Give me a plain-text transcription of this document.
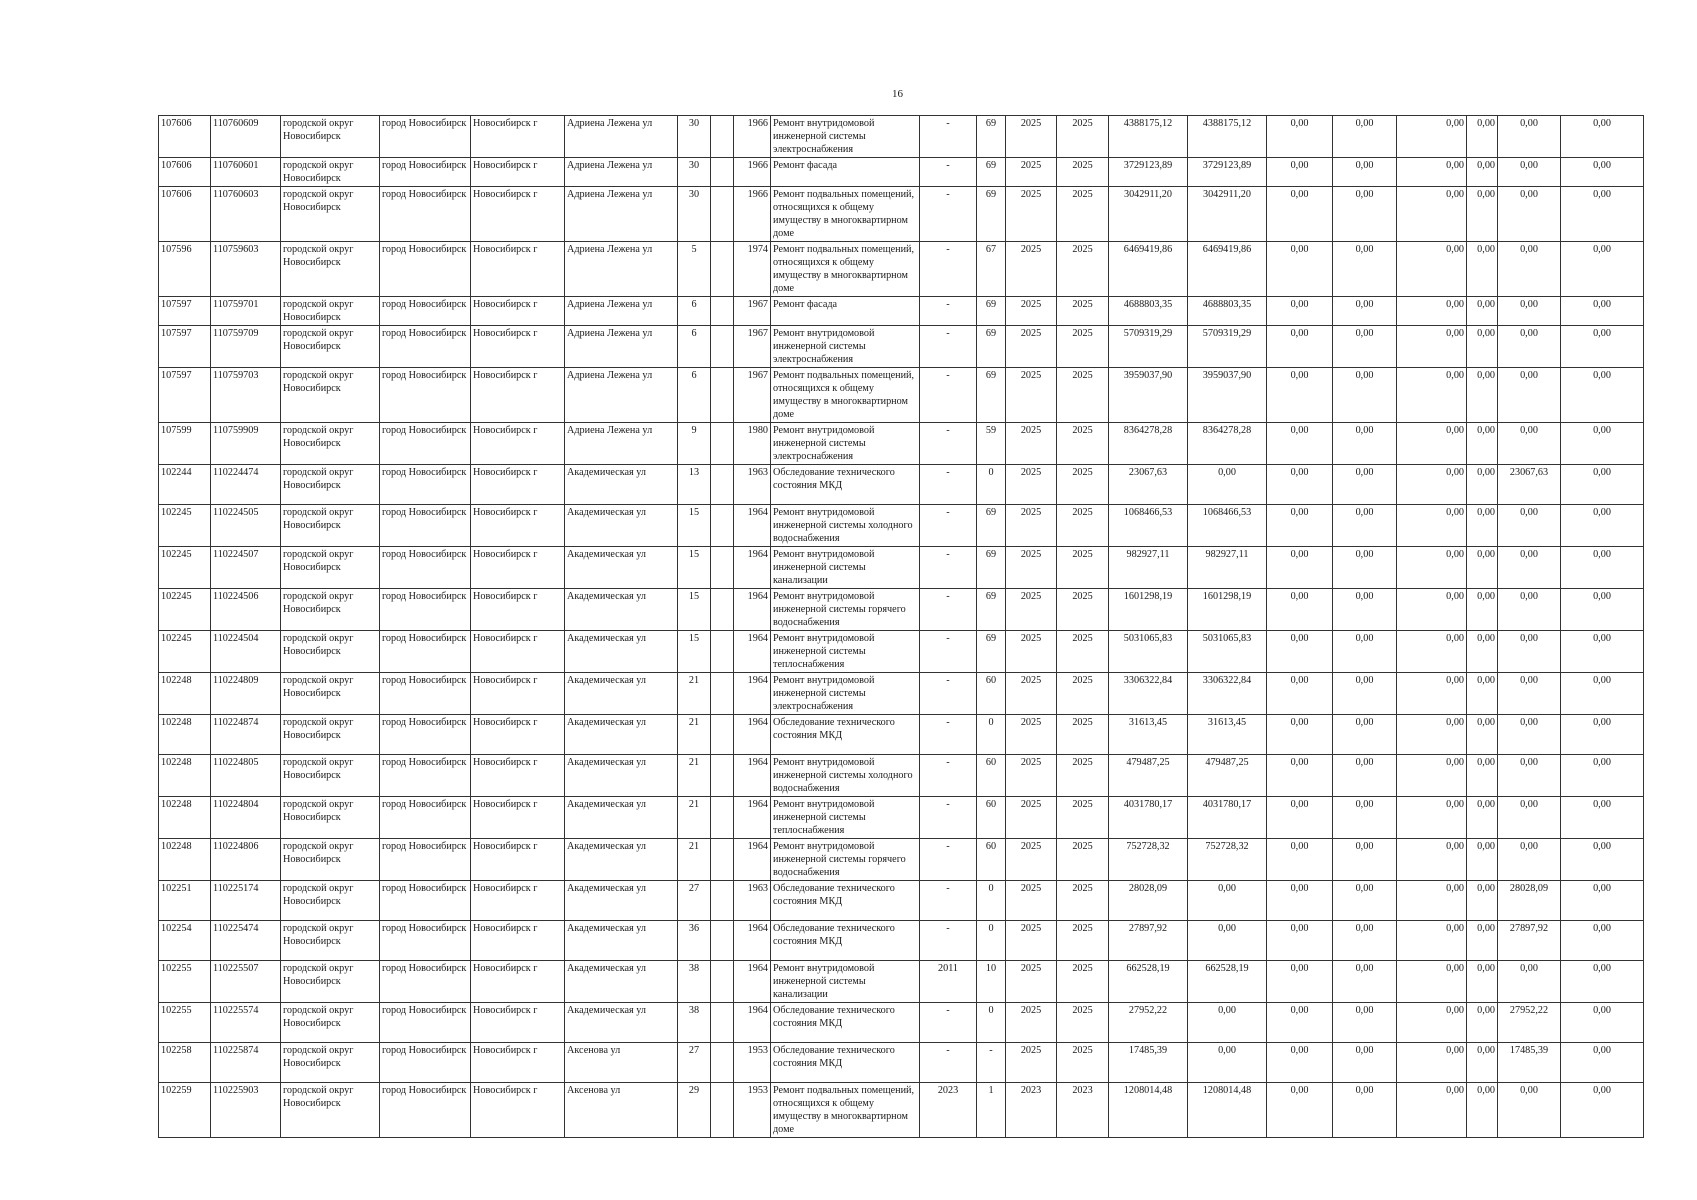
16
107606	110760609	городской округ Новосибирск	город Новосибирск	Новосибирск г	Адриена Лежена ул	30		1966	Ремонт внутридомовой инженерной системы электроснабжения	-	69	2025	2025	4388175,12	4388175,12	0,00	0,00	0,00	0,00	0,00	0,00
107606	110760601	городской округ Новосибирск	город Новосибирск	Новосибирск г	Адриена Лежена ул	30		1966	Ремонт фасада	-	69	2025	2025	3729123,89	3729123,89	0,00	0,00	0,00	0,00	0,00	0,00
107606	110760603	городской округ Новосибирск	город Новосибирск	Новосибирск г	Адриена Лежена ул	30		1966	Ремонт подвальных помещений, относящихся к общему имуществу в многоквартирном доме	-	69	2025	2025	3042911,20	3042911,20	0,00	0,00	0,00	0,00	0,00	0,00
107596	110759603	городской округ Новосибирск	город Новосибирск	Новосибирск г	Адриена Лежена ул	5		1974	Ремонт подвальных помещений, относящихся к общему имуществу в многоквартирном доме	-	67	2025	2025	6469419,86	6469419,86	0,00	0,00	0,00	0,00	0,00	0,00
107597	110759701	городской округ Новосибирск	город Новосибирск	Новосибирск г	Адриена Лежена ул	6		1967	Ремонт фасада	-	69	2025	2025	4688803,35	4688803,35	0,00	0,00	0,00	0,00	0,00	0,00
107597	110759709	городской округ Новосибирск	город Новосибирск	Новосибирск г	Адриена Лежена ул	6		1967	Ремонт внутридомовой инженерной системы электроснабжения	-	69	2025	2025	5709319,29	5709319,29	0,00	0,00	0,00	0,00	0,00	0,00
107597	110759703	городской округ Новосибирск	город Новосибирск	Новосибирск г	Адриена Лежена ул	6		1967	Ремонт подвальных помещений, относящихся к общему имуществу в многоквартирном доме	-	69	2025	2025	3959037,90	3959037,90	0,00	0,00	0,00	0,00	0,00	0,00
107599	110759909	городской округ Новосибирск	город Новосибирск	Новосибирск г	Адриена Лежена ул	9		1980	Ремонт внутридомовой инженерной системы электроснабжения	-	59	2025	2025	8364278,28	8364278,28	0,00	0,00	0,00	0,00	0,00	0,00
102244	110224474	городской округ Новосибирск	город Новосибирск	Новосибирск г	Академическая ул	13		1963	Обследование технического состояния МКД	-	0	2025	2025	23067,63	0,00	0,00	0,00	0,00	0,00	23067,63	0,00
102245	110224505	городской округ Новосибирск	город Новосибирск	Новосибирск г	Академическая ул	15		1964	Ремонт внутридомовой инженерной системы холодного водоснабжения	-	69	2025	2025	1068466,53	1068466,53	0,00	0,00	0,00	0,00	0,00	0,00
102245	110224507	городской округ Новосибирск	город Новосибирск	Новосибирск г	Академическая ул	15		1964	Ремонт внутридомовой инженерной системы канализации	-	69	2025	2025	982927,11	982927,11	0,00	0,00	0,00	0,00	0,00	0,00
102245	110224506	городской округ Новосибирск	город Новосибирск	Новосибирск г	Академическая ул	15		1964	Ремонт внутридомовой инженерной системы горячего водоснабжения	-	69	2025	2025	1601298,19	1601298,19	0,00	0,00	0,00	0,00	0,00	0,00
102245	110224504	городской округ Новосибирск	город Новосибирск	Новосибирск г	Академическая ул	15		1964	Ремонт внутридомовой инженерной системы теплоснабжения	-	69	2025	2025	5031065,83	5031065,83	0,00	0,00	0,00	0,00	0,00	0,00
102248	110224809	городской округ Новосибирск	город Новосибирск	Новосибирск г	Академическая ул	21		1964	Ремонт внутридомовой инженерной системы электроснабжения	-	60	2025	2025	3306322,84	3306322,84	0,00	0,00	0,00	0,00	0,00	0,00
102248	110224874	городской округ Новосибирск	город Новосибирск	Новосибирск г	Академическая ул	21		1964	Обследование технического состояния МКД	-	0	2025	2025	31613,45	31613,45	0,00	0,00	0,00	0,00	0,00	0,00
102248	110224805	городской округ Новосибирск	город Новосибирск	Новосибирск г	Академическая ул	21		1964	Ремонт внутридомовой инженерной системы холодного водоснабжения	-	60	2025	2025	479487,25	479487,25	0,00	0,00	0,00	0,00	0,00	0,00
102248	110224804	городской округ Новосибирск	город Новосибирск	Новосибирск г	Академическая ул	21		1964	Ремонт внутридомовой инженерной системы теплоснабжения	-	60	2025	2025	4031780,17	4031780,17	0,00	0,00	0,00	0,00	0,00	0,00
102248	110224806	городской округ Новосибирск	город Новосибирск	Новосибирск г	Академическая ул	21		1964	Ремонт внутридомовой инженерной системы горячего водоснабжения	-	60	2025	2025	752728,32	752728,32	0,00	0,00	0,00	0,00	0,00	0,00
102251	110225174	городской округ Новосибирск	город Новосибирск	Новосибирск г	Академическая ул	27		1963	Обследование технического состояния МКД	-	0	2025	2025	28028,09	0,00	0,00	0,00	0,00	0,00	28028,09	0,00
102254	110225474	городской округ Новосибирск	город Новосибирск	Новосибирск г	Академическая ул	36		1964	Обследование технического состояния МКД	-	0	2025	2025	27897,92	0,00	0,00	0,00	0,00	0,00	27897,92	0,00
102255	110225507	городской округ Новосибирск	город Новосибирск	Новосибирск г	Академическая ул	38		1964	Ремонт внутридомовой инженерной системы канализации	2011	10	2025	2025	662528,19	662528,19	0,00	0,00	0,00	0,00	0,00	0,00
102255	110225574	городской округ Новосибирск	город Новосибирск	Новосибирск г	Академическая ул	38		1964	Обследование технического состояния МКД	-	0	2025	2025	27952,22	0,00	0,00	0,00	0,00	0,00	27952,22	0,00
102258	110225874	городской округ Новосибирск	город Новосибирск	Новосибирск г	Аксенова ул	27		1953	Обследование технического состояния МКД	-	-	2025	2025	17485,39	0,00	0,00	0,00	0,00	0,00	17485,39	0,00
102259	110225903	городской округ Новосибирск	город Новосибирск	Новосибирск г	Аксенова ул	29		1953	Ремонт подвальных помещений, относящихся к общему имуществу в многоквартирном доме	2023	1	2023	2023	1208014,48	1208014,48	0,00	0,00	0,00	0,00	0,00	0,00
